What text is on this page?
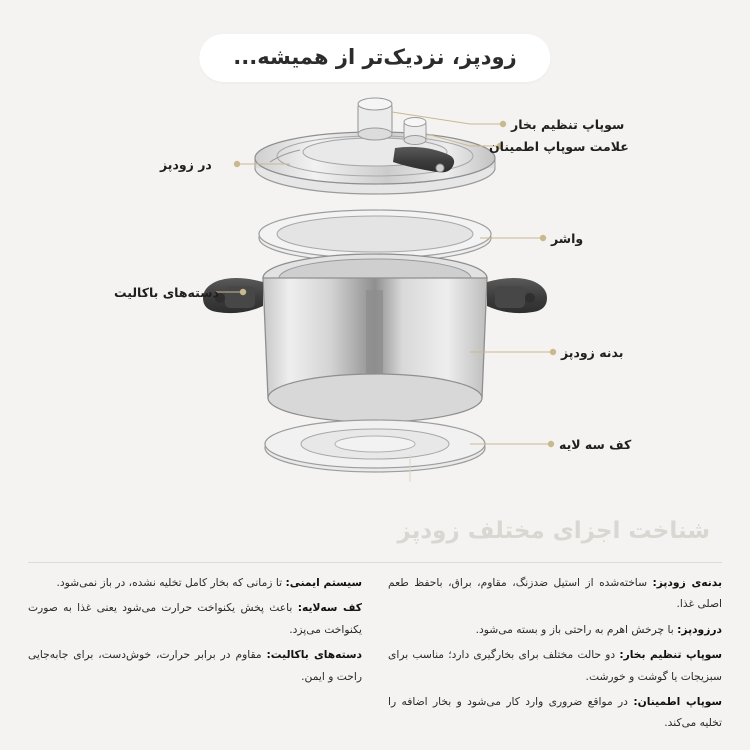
زودپز، نزدیک‌تر از همیشه...
سوپاپ تنظیم بخار
علامت سوپاپ اطمینان
در زودپز
واشر
دسته‌های باکالیت
بدنه زودپز
کف سه لایه
شناخت اجزای مختلف زودپز
سیستم ایمنی: تا زمانی که بخار کامل تخلیه نشده، در باز نمی‌شود.
کف سه‌لایه: باعث پخش یکنواخت حرارت می‌شود یعنی غذا به صورت یکنواخت می‌پزد.
دسته‌های باکالیت: مقاوم در برابر حرارت، خوش‌دست، برای جابه‌جایی راحت و ایمن.
بدنه‌ی زودپز: ساخته‌شده از استیل ضدزنگ، مقاوم، براق، با‌حفظ طعم اصلی غذا.
در‌زودپز: با چرخش اهرم به راحتی باز و بسته می‌شود.
سوپاپ تنظیم بخار: دو حالت مختلف برای بخارگیری دارد؛ مناسب برای سبزیجات یا گوشت و خورشت.
سوپاپ اطمینان: در مواقع ضروری وارد کار می‌شود و بخار اضافه را تخلیه می‌کند.
